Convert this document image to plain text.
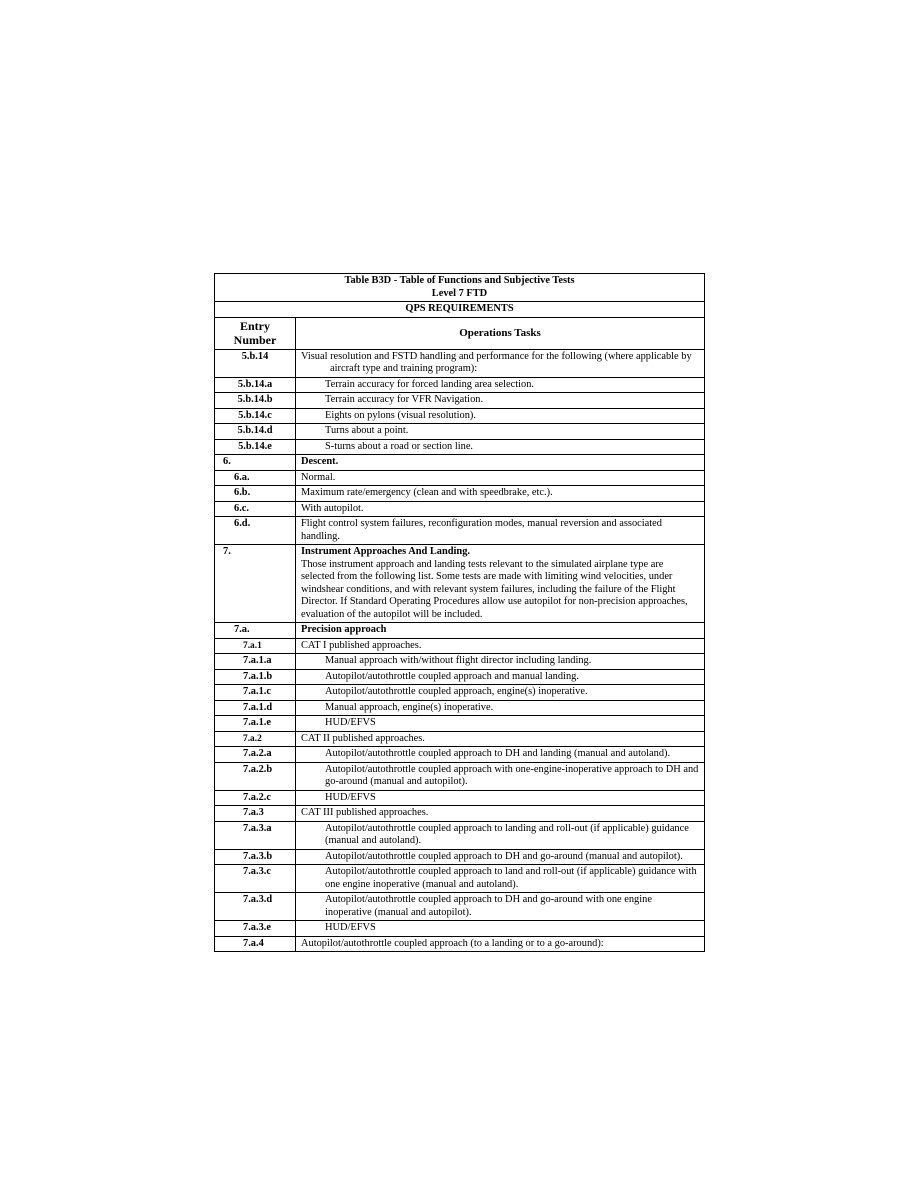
Table B3D - Table of Functions and Subjective Tests
Level 7 FTD	

QPS REQUIREMENTS	
Entry Number	Operations Tasks
5.b.14	Visual resolution and FSTD handling and performance for the following (where applicable by aircraft type and training program):
5.b.14.a	Terrain accuracy for forced landing area selection.
5.b.14.b	Terrain accuracy for VFR Navigation.
5.b.14.c	Eights on pylons (visual resolution).
5.b.14.d	Turns about a point.
5.b.14.e	S-turns about a road or section line.
6.	Descent.

6.a.	Normal.
6.b.	Maximum rate/emergency (clean and with speedbrake, etc.).
6.c.	With autopilot.
6.d.	Flight control system failures, reconfiguration modes, manual reversion and associated handling.
7.	Instrument Approaches And Landing.
Those instrument approach and landing tests relevant to the simulated airplane type are selected from the following list. Some tests are made with limiting wind velocities, under windshear conditions, and with relevant system failures, including the failure of the Flight Director. If Standard Operating Procedures allow use autopilot for non-precision approaches, evaluation of the autopilot will be included.

7.a.	Precision approach

7.a.1	CAT I published approaches.
7.a.1.a	Manual approach with/without flight director including landing.
7.a.1.b	Autopilot/autothrottle coupled approach and manual landing.
7.a.1.c	Autopilot/autothrottle coupled approach, engine(s) inoperative.
7.a.1.d	Manual approach, engine(s) inoperative.
7.a.1.e	HUD/EFVS
7.a.2	CAT II published approaches.
7.a.2.a	Autopilot/autothrottle coupled approach to DH and landing (manual and autoland).
7.a.2.b	Autopilot/autothrottle coupled approach with one-engine-inoperative approach to DH and go-around (manual and autopilot).
7.a.2.c	HUD/EFVS
7.a.3	CAT III published approaches.
7.a.3.a	Autopilot/autothrottle coupled approach to landing and roll-out (if applicable) guidance (manual and autoland).
7.a.3.b	Autopilot/autothrottle coupled approach to DH and go-around (manual and autopilot).
7.a.3.c	Autopilot/autothrottle coupled approach to land and roll-out (if applicable) guidance with one engine inoperative (manual and autoland).
7.a.3.d	Autopilot/autothrottle coupled approach to DH and go-around with one engine inoperative (manual and autopilot).
7.a.3.e	HUD/EFVS
7.a.4	Autopilot/autothrottle coupled approach (to a landing or to a go-around):
